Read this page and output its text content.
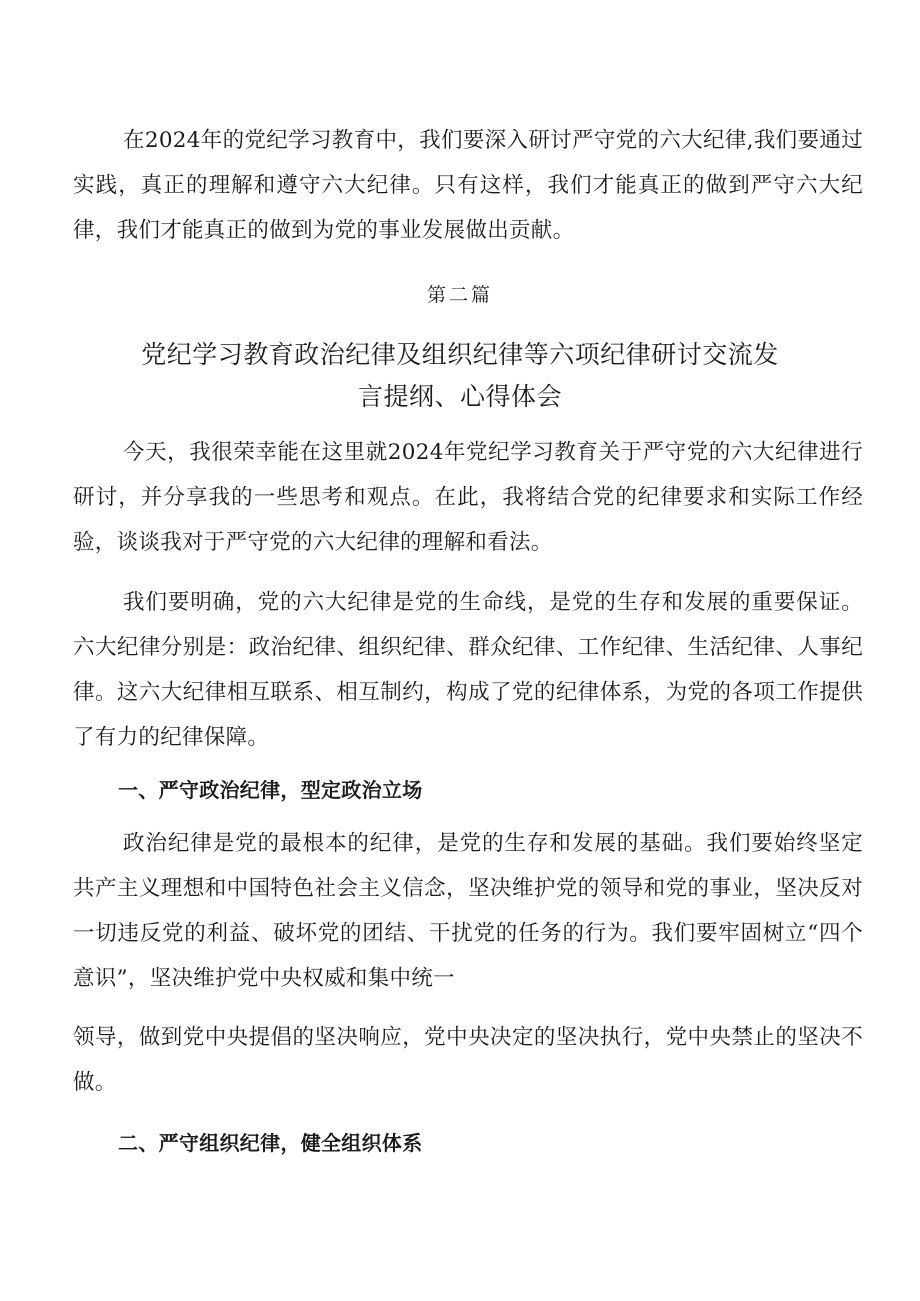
在2024年的党纪学习教育中，我们要深入研讨严守党的六大纪律,我们要通过实践，真正的理解和遵守六大纪律。只有这样，我们才能真正的做到严守六大纪律，我们才能真正的做到为党的事业发展做出贡献。

第二篇
党纪学习教育政治纪律及组织纪律等六项纪律研讨交流发
言提纲、心得体会

今天，我很荣幸能在这里就2024年党纪学习教育关于严守党的六大纪律进行研讨，并分享我的一些思考和观点。在此，我将结合党的纪律要求和实际工作经验，谈谈我对于严守党的六大纪律的理解和看法。

我们要明确，党的六大纪律是党的生命线，是党的生存和发展的重要保证。六大纪律分别是：政治纪律、组织纪律、群众纪律、工作纪律、生活纪律、人事纪律。这六大纪律相互联系、相互制约，构成了党的纪律体系，为党的各项工作提供了有力的纪律保障。

一、严守政治纪律，型定政治立场

政治纪律是党的最根本的纪律，是党的生存和发展的基础。我们要始终坚定共产主义理想和中国特色社会主义信念，坚决维护党的领导和党的事业，坚决反对一切违反党的利益、破坏党的团结、干扰党的任务的行为。我们要牢固树立“四个意识”，坚决维护党中央权威和集中统一

领导，做到党中央提倡的坚决响应，党中央决定的坚决执行，党中央禁止的坚决不做。

二、严守组织纪律，健全组织体系
